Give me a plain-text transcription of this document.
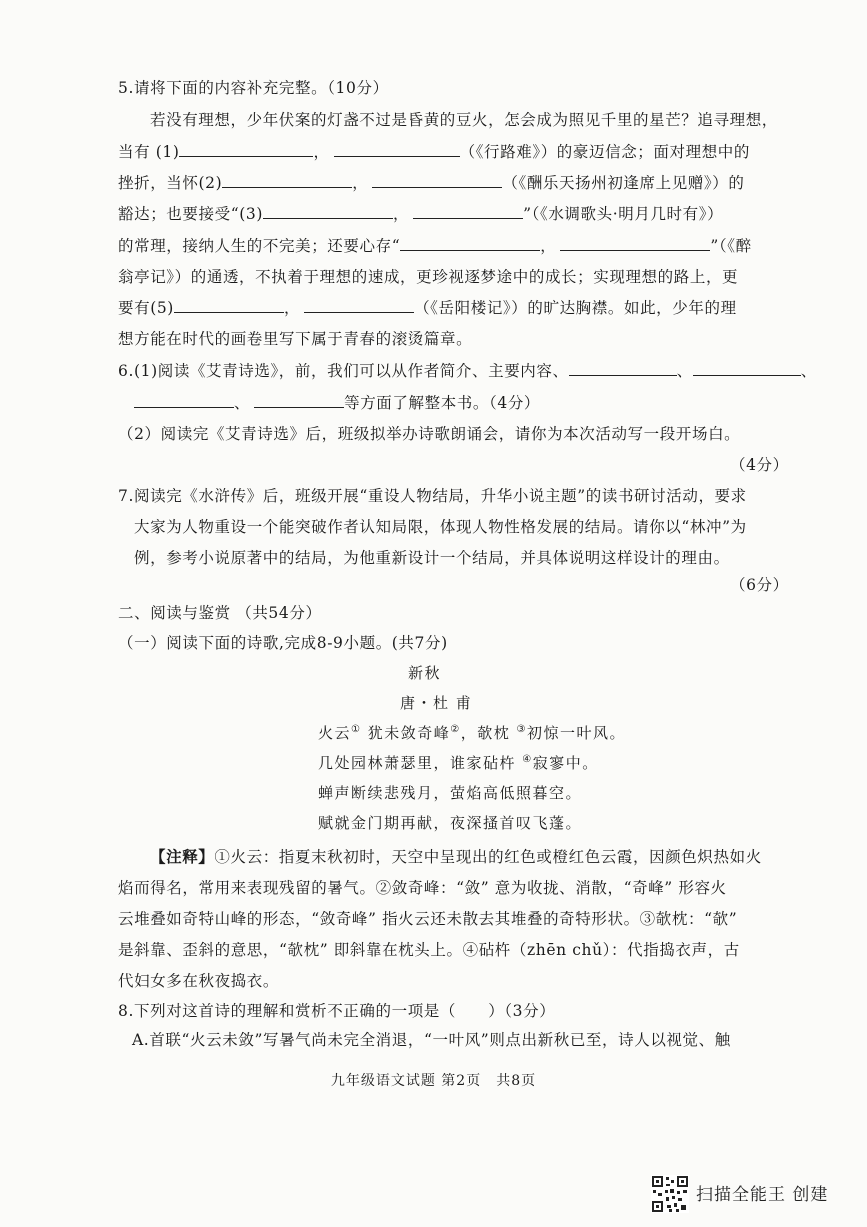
5.请将下面的内容补充完整。（10分）
若没有理想，少年伏案的灯盏不过是昏黄的豆火，怎会成为照见千里的星芒？追寻理想，
当有 (1)	，	（《行路难》）的豪迈信念；面对理想中的
挫折，当怀(2)	，	（《酬乐天扬州初逢席上见赠》）的
豁达；也要接受“(3)	，	”（《水调歌头·明月几时有》）
的常理，接纳人生的不完美；还要心存“	，	”（《醉
翁亭记》）的通透，不执着于理想的速成，更珍视逐梦途中的成长；实现理想的路上，更
要有(5)	，	（《岳阳楼记》）的旷达胸襟。如此，少年的理
想方能在时代的画卷里写下属于青春的滚烫篇章。
6.(1)阅读《艾青诗选》，前，我们可以从作者简介、主要内容、	、	、
、	等方面了解整本书。（4分）
（2）阅读完《艾青诗选》后，班级拟举办诗歌朗诵会，请你为本次活动写一段开场白。
（4分）
7.阅读完《水浒传》后，班级开展“重设人物结局，升华小说主题”的读书研讨活动，要求
大家为人物重设一个能突破作者认知局限，体现人物性格发展的结局。请你以“林冲”为
例，参考小说原著中的结局，为他重新设计一个结局，并具体说明这样设计的理由。
（6分）
二、阅读与鉴赏 （共54分）
（一）阅读下面的诗歌,完成8-9小题。(共7分)
新秋
唐・杜 甫
火云① 犹未敛奇峰②，欹枕 ③初惊一叶风。
几处园林萧瑟里，谁家砧杵 ④寂寥中。
蝉声断续悲残月，萤焰高低照暮空。
赋就金门期再献，夜深搔首叹飞蓬。
【注释】①火云：指夏末秋初时，天空中呈现出的红色或橙红色云霞，因颜色炽热如火
焰而得名，常用来表现残留的暑气。②敛奇峰：“敛” 意为收拢、消散，“奇峰” 形容火
云堆叠如奇特山峰的形态，“敛奇峰” 指火云还未散去其堆叠的奇特形状。③欹枕：“欹”
是斜靠、歪斜的意思，“欹枕” 即斜靠在枕头上。④砧杵（zhēn chǔ）：代指捣衣声，古
代妇女多在秋夜捣衣。
8.下列对这首诗的理解和赏析不正确的一项是（　　）（3分）
A.首联“火云未敛”写暑气尚未完全消退，“一叶风”则点出新秋已至，诗人以视觉、触
九年级语文试题 第2页　共8页
扫描全能王 创建
